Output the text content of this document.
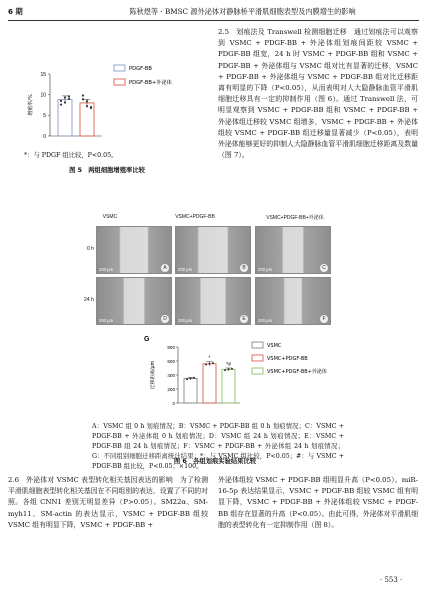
6 期	陈秋煜等 · BMSC 源外泌体对静脉桥平滑肌细胞表型及内膜增生的影响
0
5
10
15
增殖率/%
PDGF-BB
PDGF-BB+外泌体
*：与 PDGF 组比较，P<0.05。
图 5　两组细胞增殖率比较
2.5　划痕法及 Transwell 检测细胞迁移　通过划痕法可以观察到 VSMC + PDGF-BB + 外泌体组划痕间距较 VSMC + PDGF-BB 组宽，24 h 时 VSMC + PDGF-BB 组和 VSMC + PDGF-BB + 外泌体组与 VSMC 组对比有显著的迁移，VSMC + PDGF-BB + 外泌体组与 VSMC + PDGF-BB 组对比迁移距离有明显的下降（P<0.05），从而表明对人大隐静脉血管平滑肌细胞迁移具有一定的抑制作用（图 6）。通过 Transwell 法，可明显观察到 VSMC + PDGF-BB 组和 VSMC + PDGF-BB + 外泌体组迁移较 VSMC 组增多，VSMC + PDGF-BB + 外泌体组较 VSMC + PDGF-BB 组迁移量显著减少（P<0.05），表明外泌体能够更好的抑制人大隐静脉血管平滑肌细胞迁移距离及数量（图 7）。
VSMC	VSMC+PDGF-BB	VSMC+PDGF-BB+外泌体
0 h
24 h
200 μm	A	200 μm	B	200 μm	C
200 μm	D	200 μm	E	200 μm	F
G
0
200
400
600
800
迁移距离/μm
*
*#
VSMC
VSMC+PDGF-BB
VSMC+PDGF-BB+外泌体
A：VSMC 组 0 h 划痕情况；B：VSMC + PDGF-BB 组 0 h 划痕情况；C：VSMC + PDGF-BB + 外泌体组 0 h 划痕情况；D：VSMC 组 24 h 划痕情况；E：VSMC + PDGF-BB 组 24 h 划痕情况；F：VSMC + PDGF-BB + 外泌体组 24 h 划痕情况；G：不同组别细胞迁移距离统计结果；*：与 VSMC 组比较，P<0.05；#：与 VSMC + PDGF-BB 组比较，P<0.05；×100。
图 6　各组划痕实验结果比较
2.6　外泌体对 VSMC 表型转化相关基因表达的影响　为了检测平滑肌细胞表型转化相关基因在不同组别的表达，设置了不同的对照。各组 CNN1 差别无明显差异（P>0.05）。SM22α、SM-myh11、SM-actin 的表达显示，VSMC + PDGF-BB 组较 VSMC 组有明显下降，VSMC + PDGF-BB +
外泌体组较 VSMC + PDGF-BB 组明显升高（P<0.05）。miR-16-5p 表达结果显示，VSMC + PDGF-BB 组较 VSMC 组有明显下降，VSMC + PDGF-BB + 外泌体组较 VSMC + PDGF-BB 组存在显著的升高（P<0.05）。由此可得，外泌体对平滑肌细胞的表型转化有一定抑制作用（图 8）。
· 553 ·
